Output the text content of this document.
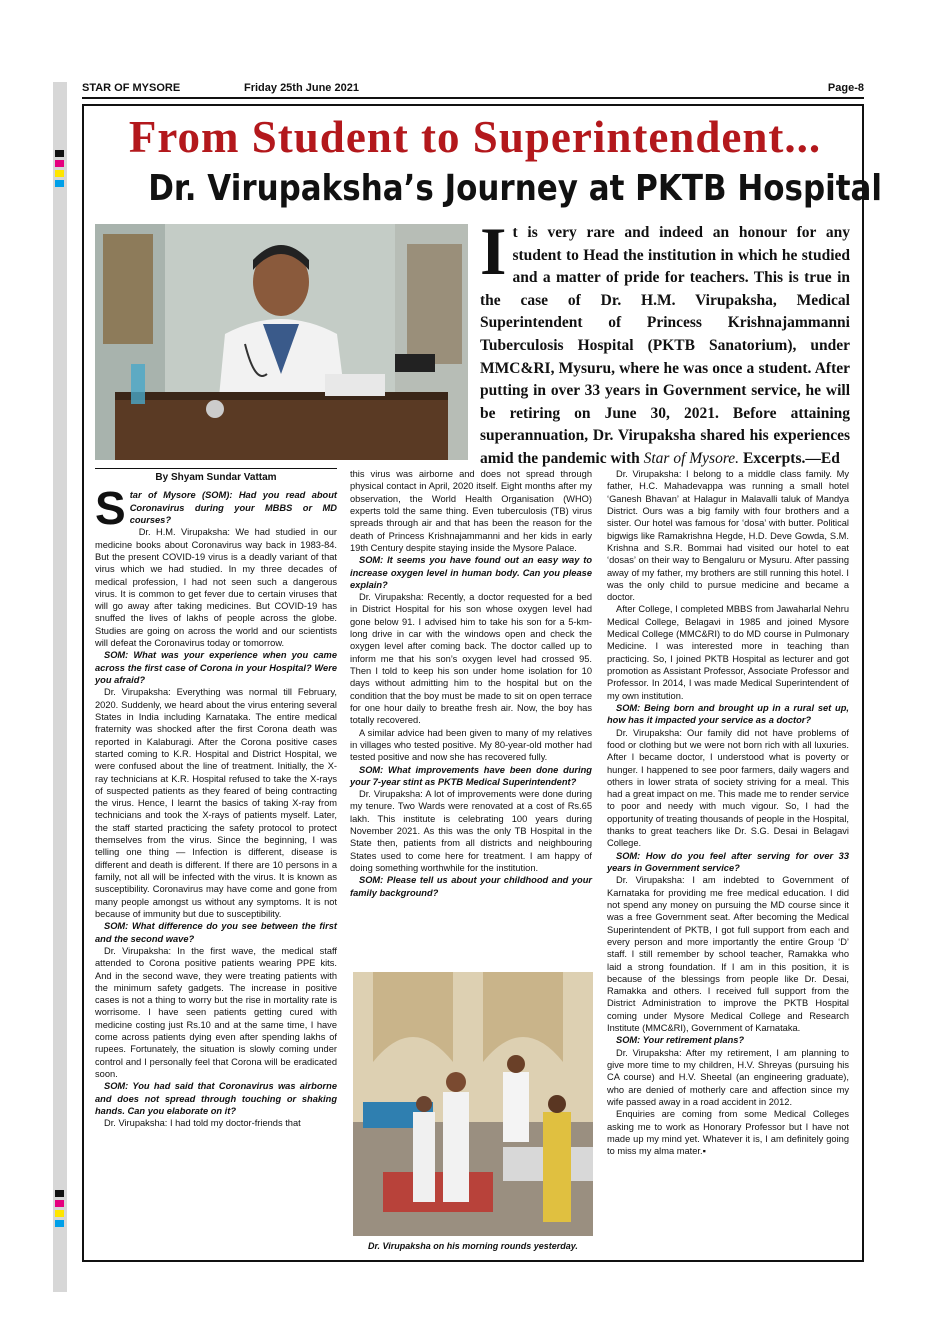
STAR OF MYSORE	Friday 25th June 2021	Page-8
From Student to Superintendent...
Dr. Virupaksha’s Journey at PKTB Hospital
It is very rare and indeed an honour for any student to Head the institution in which he studied and a matter of pride for teachers. This is true in the case of Dr. H.M. Virupaksha, Medical Superintendent of Princess Krishnajammanni Tuberculosis Hospital (PKTB Sanatorium), under MMC&RI, Mysuru, where he was once a student. After putting in over 33 years in Government service, he will be retiring on June 30, 2021. Before attaining superannuation, Dr. Virupaksha shared his experiences amid the pandemic with Star of Mysore. Excerpts.—Ed
By Shyam Sundar Vattam
S tar of Mysore (SOM): Had you read about Coronavirus during your MBBS or MD courses?

Dr. H.M. Virupaksha: We had studied in our medicine books about Coronavirus way back in 1983-84. But the present COVID-19 virus is a deadly variant of that virus which we had studied. In my three decades of medical profession, I had not seen such a dangerous virus. It is common to get fever due to certain viruses that will go away after taking medicines. But COVID-19 has snuffed the lives of lakhs of people across the globe. Studies are going on across the world and our scientists will defeat the Coronavirus today or tomorrow.

SOM: What was your experience when you came across the first case of Corona in your Hospital? Were you afraid?

Dr. Virupaksha: Everything was normal till February, 2020. Suddenly, we heard about the virus entering several States in India including Karnataka. The entire medical fraternity was shocked after the first Corona death was reported in Kalaburagi. After the Corona positive cases started coming to K.R. Hospital and District Hospital, we were confused about the line of treatment. Initially, the X-ray technicians at K.R. Hospital refused to take the X-rays of suspected patients as they feared of being contracting the virus. Hence, I learnt the basics of taking X-ray from technicians and took the X-rays of patients myself. Later, the staff started practicing the safety protocol to protect themselves from the virus. Since the beginning, I was telling one thing — Infection is different, disease is different and death is different. If there are 10 persons in a family, not all will be infected with the virus. It is known as susceptibility. Coronavirus may have come and gone from many people amongst us without any symptoms. It is not because of immunity but due to susceptibility.

SOM: What difference do you see between the first and the second wave?

Dr. Virupaksha: In the first wave, the medical staff attended to Corona positive patients wearing PPE kits. And in the second wave, they were treating patients with the minimum safety gadgets. The increase in positive cases is not a thing to worry but the rise in mortality rate is worrisome. I have seen patients getting cured with medicine costing just Rs.10 and at the same time, I have come across patients dying even after spending lakhs of rupees. Fortunately, the situation is slowly coming under control and I personally feel that Corona will be eradicated soon.

SOM: You had said that Coronavirus was airborne and does not spread through touching or shaking hands. Can you elaborate on it?

Dr. Virupaksha: I had told my doctor-friends that

this virus was airborne and does not spread through physical contact in April, 2020 itself. Eight months after my observation, the World Health Organisation (WHO) experts told the same thing. Even tuberculosis (TB) virus spreads through air and that has been the reason for the death of Princess Krishnajammanni and her kids in early 19th Century despite staying inside the Mysore Palace.

SOM: It seems you have found out an easy way to increase oxygen level in human body. Can you please explain?

Dr. Virupaksha: Recently, a doctor requested for a bed in District Hospital for his son whose oxygen level had gone below 91. I advised him to take his son for a 5-km-long drive in car with the windows open and check the oxygen level after coming back. The doctor called up to inform me that his son’s oxygen level had crossed 95. Then I told to keep his son under home isolation for 10 days without admitting him to the hospital but on the condition that the boy must be made to sit on open terrace for one hour daily to breathe fresh air. Now, the boy has totally recovered.

A similar advice had been given to many of my relatives in villages who tested positive. My 80-year-old mother had tested positive and now she has recovered fully.

SOM: What improvements have been done during your 7-year stint as PKTB Medical Superintendent?

Dr. Virupaksha: A lot of improvements were done during my tenure. Two Wards were renovated at a cost of Rs.65 lakh. This institute is celebrating 100 years during November 2021. As this was the only TB Hospital in the State then, patients from all districts and neighbouring States used to come here for treatment. I am happy of doing something worthwhile for the institution.

SOM: Please tell us about your childhood and your family background?

Dr. Virupaksha: I belong to a middle class family. My father, H.C. Mahadevappa was running a small hotel ‘Ganesh Bhavan’ at Halagur in Malavalli taluk of Mandya District. Ours was a big family with four brothers and a sister. Our hotel was famous for ‘dosa’ with butter. Political bigwigs like Ramakrishna Hegde, H.D. Deve Gowda, S.M. Krishna and S.R. Bommai had visited our hotel to eat ‘dosas’ on their way to Bengaluru or Mysuru. After passing away of my father, my brothers are still running this hotel. I was the only child to pursue medicine and became a doctor.

After College, I completed MBBS from Jawaharlal Nehru Medical College, Belagavi in 1985 and joined Mysore Medical College (MMC&RI) to do MD course in Pulmonary Medicine. I was interested more in teaching than practicing. So, I joined PKTB Hospital as lecturer and got promotion as Assistant Professor, Associate Professor and Professor. In 2014, I was made Medical Superintendent of my own institution.

SOM: Being born and brought up in a rural set up, how has it impacted your service as a doctor?

Dr. Virupaksha: Our family did not have problems of food or clothing but we were not born rich with all luxuries. After I became doctor, I understood what is poverty or hunger. I happened to see poor farmers, daily wagers and others in lower strata of society striving for a meal. This had a great impact on me. This made me to render service to poor and needy with much vigour. So, I had the opportunity of treating thousands of people in the Hospital, thanks to great teachers like Dr. S.G. Desai in Belagavi College.

SOM: How do you feel after serving for over 33 years in Government service?

Dr. Virupaksha: I am indebted to Government of Karnataka for providing me free medical education. I did not spend any money on pursuing the MD course since it was a free Government seat. After becoming the Medical Superintendent of PKTB, I got full support from each and every person and more importantly the entire Group ‘D’ staff. I still remember by school teacher, Ramakka who laid a strong foundation. If I am in this position, it is because of the blessings from people like Dr. Desai, Ramakka and others. I received full support from the District Administration to improve the PKTB Hospital coming under Mysore Medical College and Research Institute (MMC&RI), Government of Karnataka.

SOM: Your retirement plans?

Dr. Virupaksha: After my retirement, I am planning to give more time to my children, H.V. Shreyas (pursuing his CA course) and H.V. Sheetal (an engineering graduate), who are denied of motherly care and affection since my wife passed away in a road accident in 2012.

Enquiries are coming from some Medical Colleges asking me to work as Honorary Professor but I have not made up my mind yet. Whatever it is, I am definitely going to miss my alma mater.▪

Dr. Virupaksha on his morning rounds yesterday.
